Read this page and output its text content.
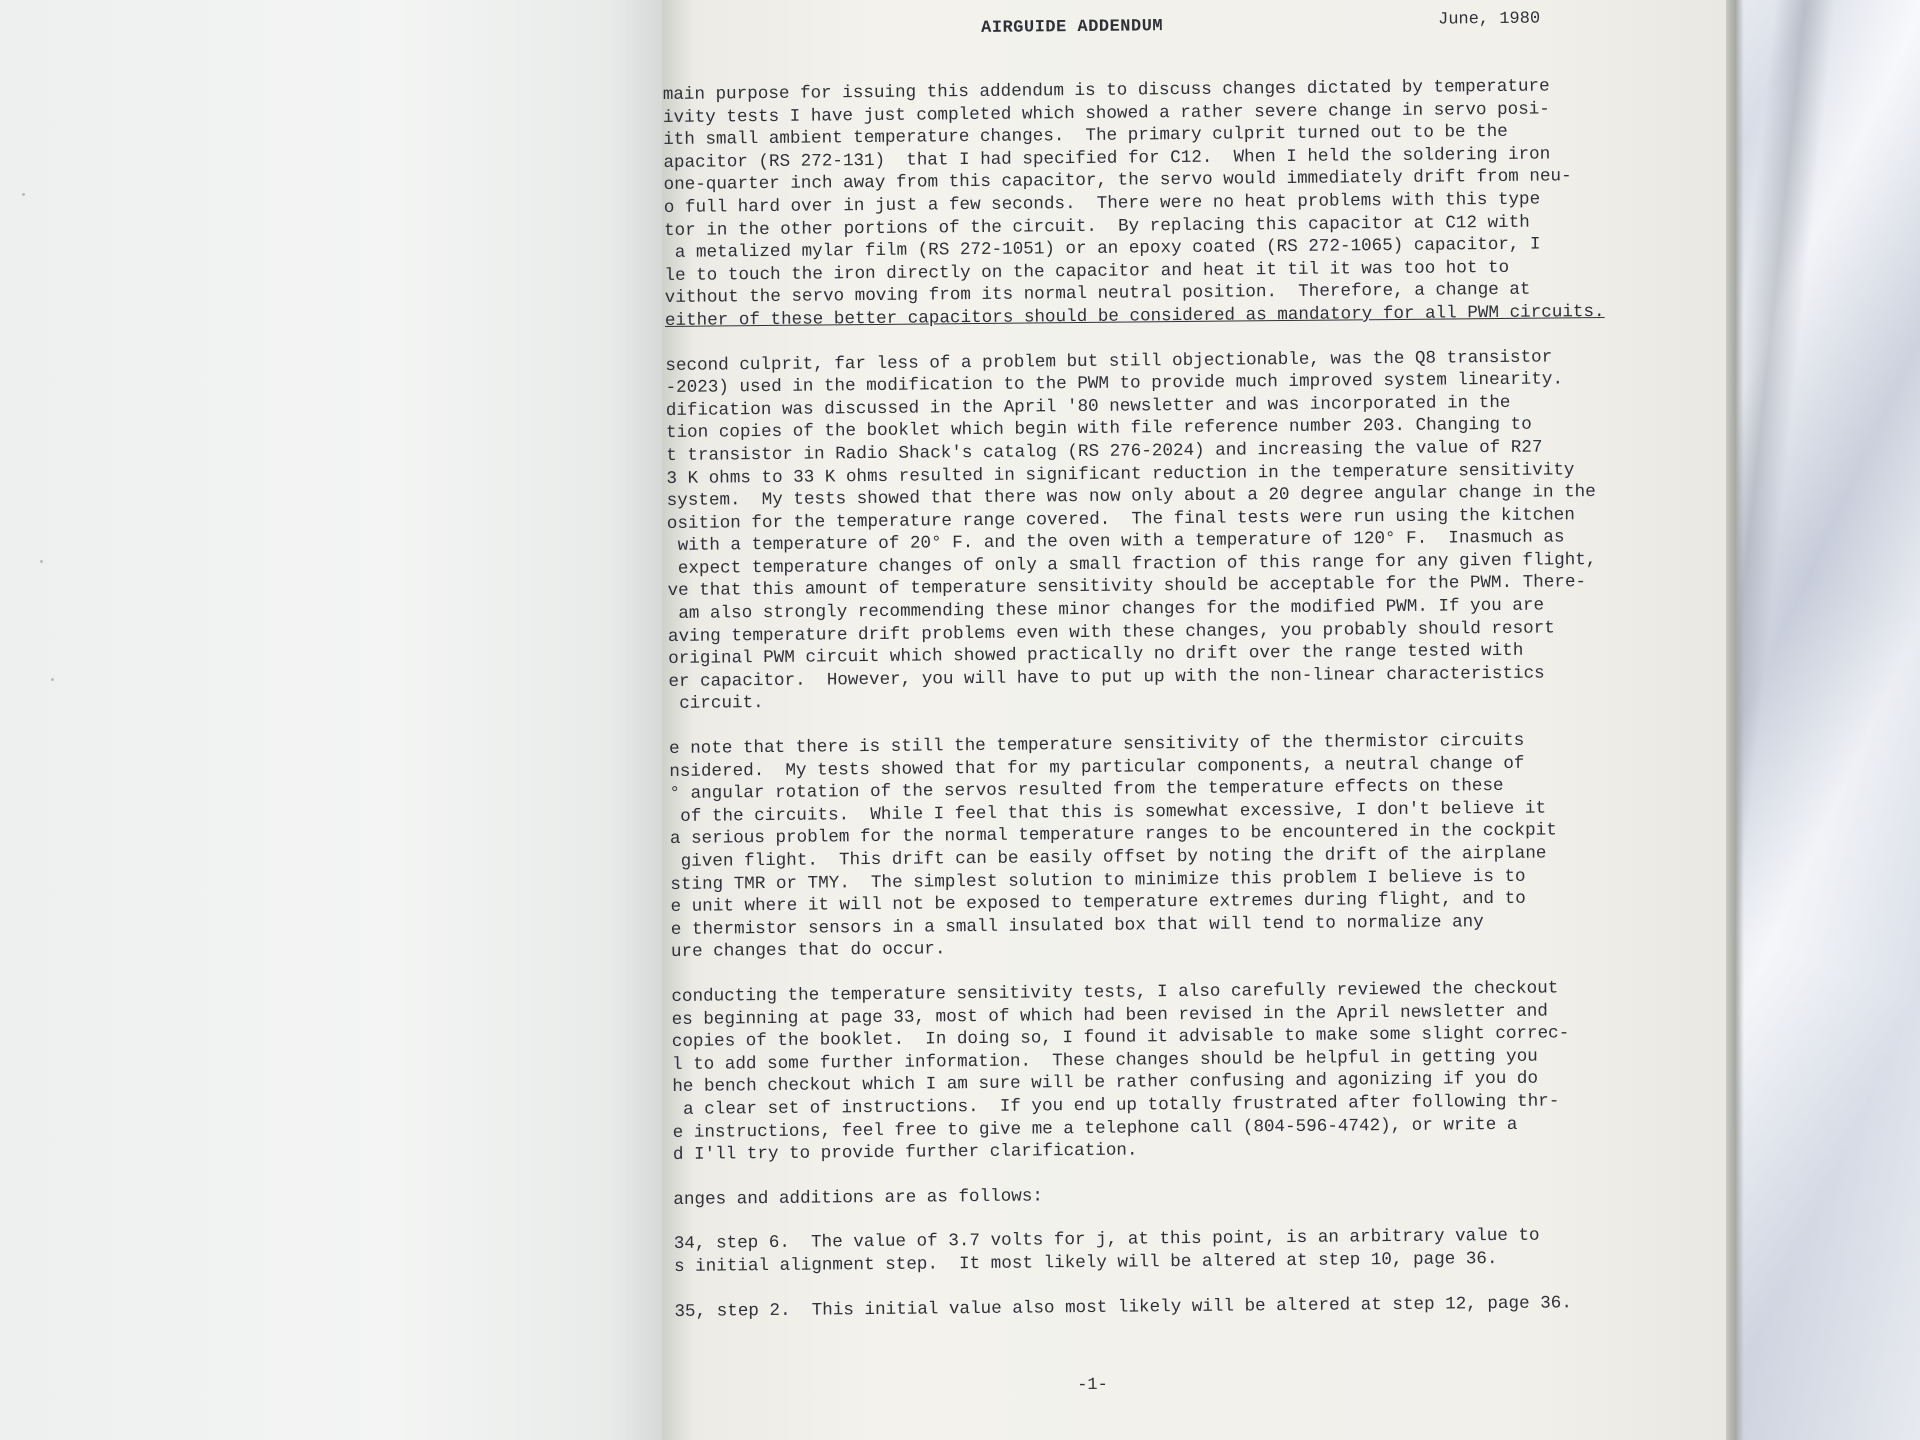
AIRGUIDE ADDENDUM	June, 1980
main purpose for issuing this addendum is to discuss changes dictated by temperature
ivity tests I have just completed which showed a rather severe change in servo posi-
ith small ambient temperature changes.  The primary culprit turned out to be the
apacitor (RS 272-131)  that I had specified for C12.  When I held the soldering iron
one-quarter inch away from this capacitor, the servo would immediately drift from neu-
o full hard over in just a few seconds.  There were no heat problems with this type
tor in the other portions of the circuit.  By replacing this capacitor at C12 with
a metalized mylar film (RS 272-1051) or an epoxy coated (RS 272-1065) capacitor, I
le to touch the iron directly on the capacitor and heat it til it was too hot to
vithout the servo moving from its normal neutral position.  Therefore, a change at
either of these better capacitors should be considered as mandatory for all PWM circuits.
second culprit, far less of a problem but still objectionable, was the Q8 transistor
-2023) used in the modification to the PWM to provide much improved system linearity.
dification was discussed in the April '80 newsletter and was incorporated in the
tion copies of the booklet which begin with file reference number 203. Changing to
t transistor in Radio Shack's catalog (RS 276-2024) and increasing the value of R27
3 K ohms to 33 K ohms resulted in significant reduction in the temperature sensitivity
system.  My tests showed that there was now only about a 20 degree angular change in the
osition for the temperature range covered.  The final tests were run using the kitchen
with a temperature of 20° F. and the oven with a temperature of 120° F.  Inasmuch as
expect temperature changes of only a small fraction of this range for any given flight,
ve that this amount of temperature sensitivity should be acceptable for the PWM. There-
am also strongly recommending these minor changes for the modified PWM. If you are
aving temperature drift problems even with these changes, you probably should resort
original PWM circuit which showed practically no drift over the range tested with
er capacitor.  However, you will have to put up with the non-linear characteristics
circuit.
e note that there is still the temperature sensitivity of the thermistor circuits
nsidered.  My tests showed that for my particular components, a neutral change of
° angular rotation of the servos resulted from the temperature effects on these
of the circuits.  While I feel that this is somewhat excessive, I don't believe it
a serious problem for the normal temperature ranges to be encountered in the cockpit
given flight.  This drift can be easily offset by noting the drift of the airplane
sting TMR or TMY.  The simplest solution to minimize this problem I believe is to
e unit where it will not be exposed to temperature extremes during flight, and to
e thermistor sensors in a small insulated box that will tend to normalize any
ure changes that do occur.
conducting the temperature sensitivity tests, I also carefully reviewed the checkout
es beginning at page 33, most of which had been revised in the April newsletter and
copies of the booklet.  In doing so, I found it advisable to make some slight correc-
l to add some further information.  These changes should be helpful in getting you
he bench checkout which I am sure will be rather confusing and agonizing if you do
a clear set of instructions.  If you end up totally frustrated after following thr-
e instructions, feel free to give me a telephone call (804-596-4742), or write a
d I'll try to provide further clarification.
anges and additions are as follows:
34, step 6.  The value of 3.7 volts for j, at this point, is an arbitrary value to
s initial alignment step.  It most likely will be altered at step 10, page 36.
35, step 2.  This initial value also most likely will be altered at step 12, page 36.
-1-
